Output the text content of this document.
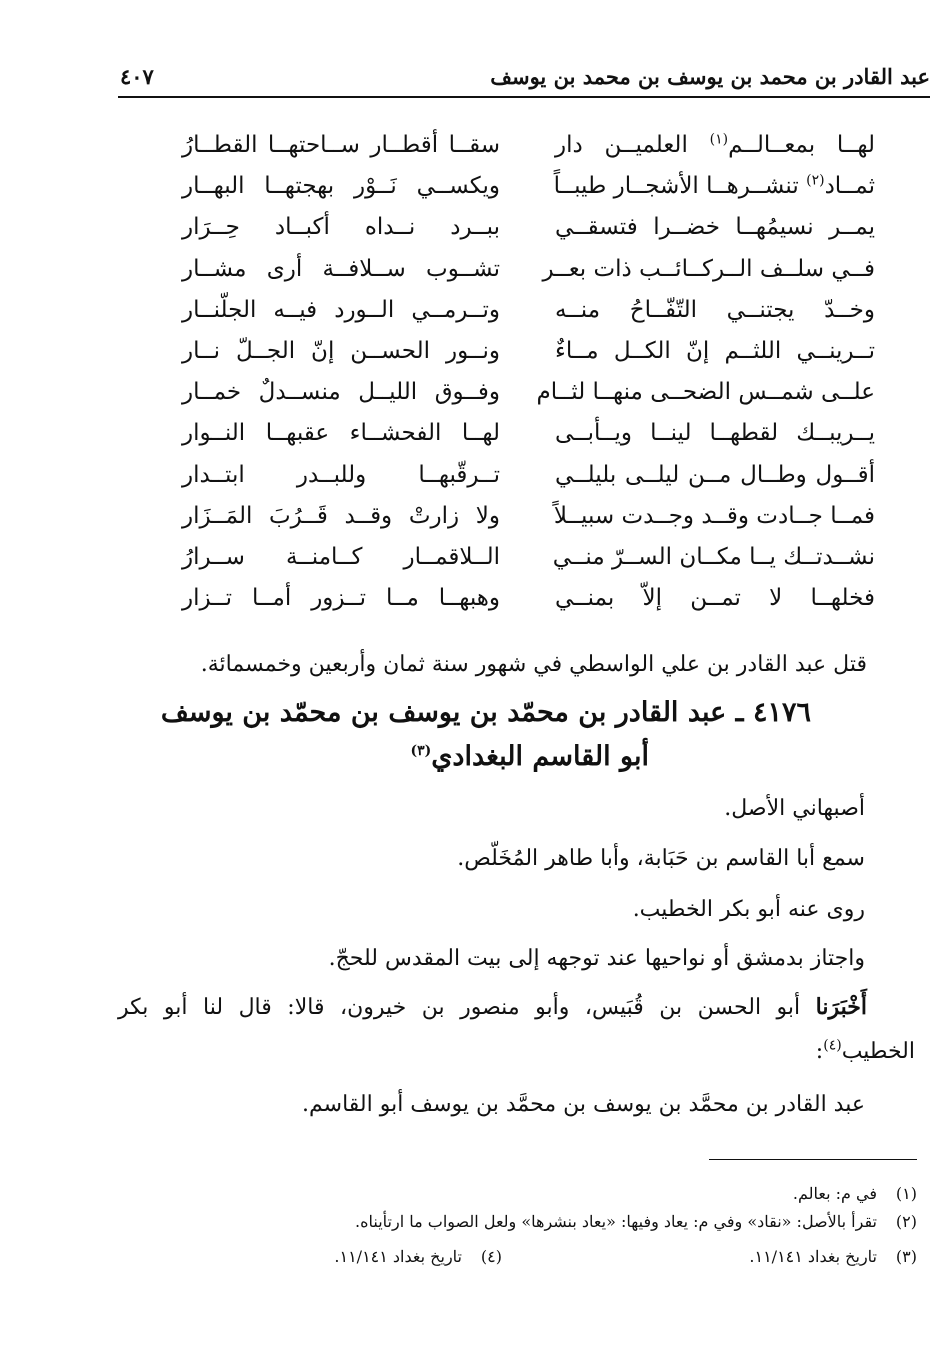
عبد القادر بن محمد بن يوسف بن محمد بن يوسف
٤٠٧
لهــا بمعــالــم$^{(١)}$ العلميــن دار
سقــا أقطــار ســاحتهــا القطــارُ
ثمــاد$^{(٢)}$ تنشــرهــا الأشجــار طيبــاً
ويكســي نَــوْر بهجتهــا البهــار
يمــر نسيمُهــا خضــرا فتسقــي
ببــرد نــداه أكبــاد حِــرَار
فــي سلــف الــركــائــب ذات بعــر
تشــوب ســلافــة أرى مشــار
وخــدّ يجتنــي التّفّــاحُ منــه
وتــرمــي الــورد فيــه الجلّنــار
تــرينــي اللثــم إنّ الكــل مــاءٌ
ونــور الحســن إنّ الجــلّ نــار
علــى شمــس الضحــى منهــا لثــام
وفــوق الليــل منســدلٌ خمــار
يــريبــك لقطهــا لينــا ويــأبــى
لهــا الفحشــاء عقبهــا النــوار
أقــول وطــال مــن ليلــى بليلــي
تــرقّبهــا وللبــدر ابتــدار
فمــا جــادت وقــد وجــدت سبيــلاً
ولا زارتْ وقــد قَــرُبَ المَــزَار
نشــدتــك يــا مكــان الســرّ منــي
الــلاقمــار كــامنــة ســرارُ
فخلهــا لا تمــن إلاّ بمنــي
وهبهــا مــا تــزور أمــا تــزار
قتل عبد القادر بن علي الواسطي في شهور سنة ثمان وأربعين وخمسمائة.
٤١٧٦ ـ عبد القادر بن محمّد بن يوسف بن محمّد بن يوسف
أبو القاسم البغدادي$^{(٣)}$
أصبهاني الأصل.
سمع أبا القاسم بن حَبَابة، وأبا طاهر المُخَلّص.
روى عنه أبو بكر الخطيب.
واجتاز بدمشق أو نواحيها عند توجهه إلى بيت المقدس للحجّ.
أَخْبَرَنا أبو الحسن بن قُبَيس، وأبو منصور بن خيرون، قالا: قال لنا أبو بكر
الخطيب$^{(٤)}$:
عبد القادر بن محمَّد بن يوسف بن محمَّد بن يوسف أبو القاسم.
(١)في م: بعالم.
(٢)تقرأ بالأصل: «نقاد» وفي م: يعاد وفيها: «يعاد بنشرها» ولعل الصواب ما ارتأيناه.
(٣)تاريخ بغداد ١١/١٤١.
(٤)تاريخ بغداد ١١/١٤١.
